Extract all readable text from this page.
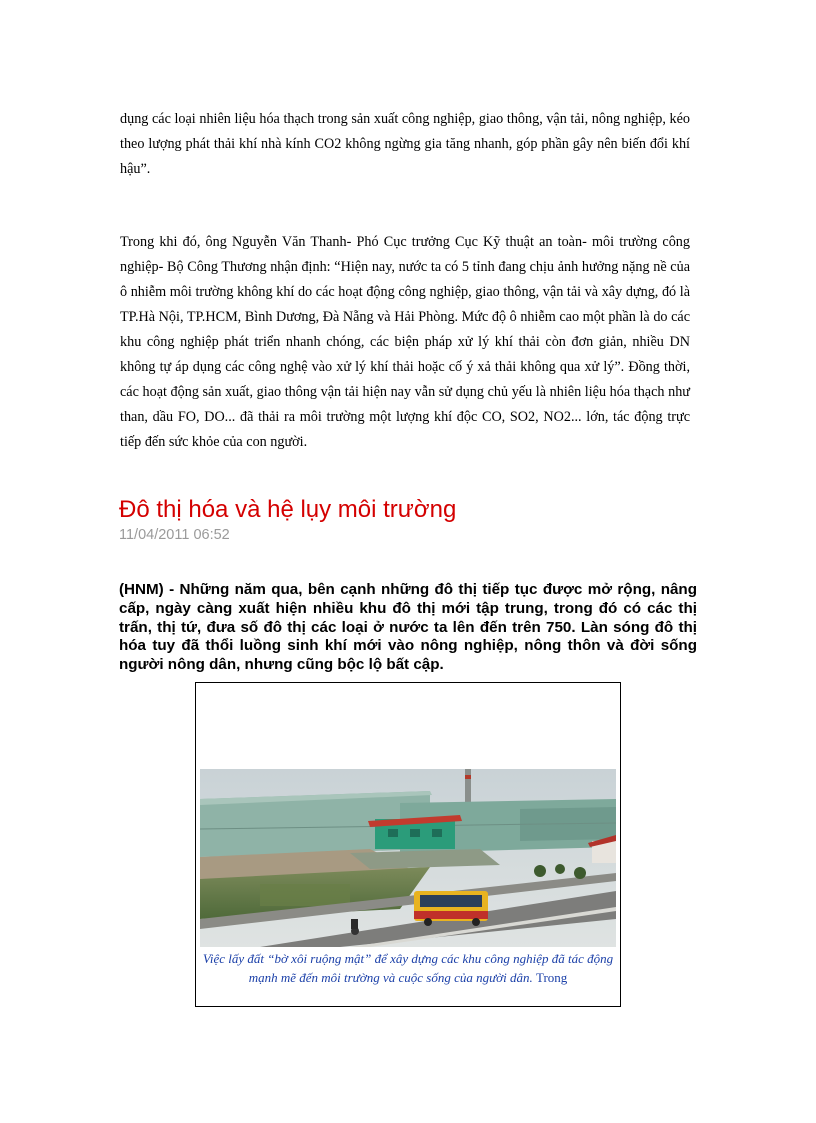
dụng các loại nhiên liệu hóa thạch trong sản xuất công nghiệp, giao thông, vận tải, nông nghiệp, kéo theo lượng phát thải khí nhà kính CO2 không ngừng gia tăng nhanh, góp phần gây nên biến đổi khí hậu”.

Trong khi đó, ông Nguyễn Văn Thanh- Phó Cục trưởng Cục Kỹ thuật an toàn- môi trường công nghiệp- Bộ Công Thương nhận định: “Hiện nay, nước ta có 5 tỉnh đang chịu ảnh hưởng nặng nề của ô nhiễm môi trường không khí do các hoạt động công nghiệp, giao thông, vận tải và xây dựng, đó là TP.Hà Nội, TP.HCM, Bình Dương, Đà Nẵng và Hải Phòng. Mức độ ô nhiễm cao một phần là do các khu công nghiệp phát triển nhanh chóng, các biện pháp xử lý khí thải còn đơn giản, nhiều DN không tự áp dụng các công nghệ vào xử lý khí thải hoặc cố ý xả thải không qua xử lý”. Đồng thời, các hoạt động sản xuất, giao thông vận tải hiện nay vẫn sử dụng chủ yếu là nhiên liệu hóa thạch như than, dầu FO, DO... đã thải ra môi trường một lượng khí độc CO, SO2, NO2... lớn, tác động trực tiếp đến sức khỏe của con người.

Đô thị hóa và hệ lụy môi trường
11/04/2011 06:52

(HNM) - Những năm qua, bên cạnh những đô thị tiếp tục được mở rộng, nâng cấp, ngày càng xuất hiện nhiều khu đô thị mới tập trung, trong đó có các thị trấn, thị tứ, đưa số đô thị các loại ở nước ta lên đến trên 750. Làn sóng đô thị hóa tuy đã thổi luồng sinh khí mới vào nông nghiệp, nông thôn và đời sống người nông dân, nhưng cũng bộc lộ bất cập.

Việc lấy đất “bờ xôi ruộng mật” để xây dựng các khu công nghiệp đã tác động mạnh mẽ đến môi trường và cuộc sống của người dân. Trong
